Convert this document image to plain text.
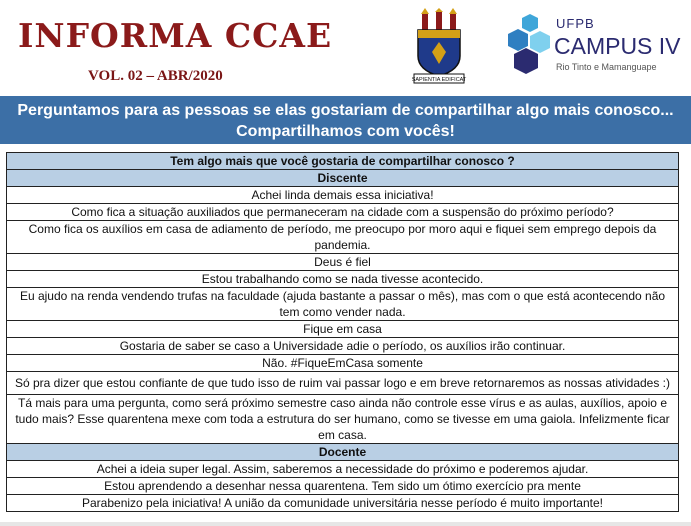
INFORMA CCAE
VOL. 02 – ABR/2020	SAPIENTIA EDIFICAT
UFPB
CAMPUS IV
Rio Tinto e Mamanguape
Perguntamos para as pessoas se elas gostariam de compartilhar algo mais conosco...
Compartilhamos com vocês!
Tem algo mais que você gostaria de compartilhar conosco ?
Discente
Achei linda demais essa iniciativa!
Como fica a situação auxiliados que permaneceram na cidade com a suspensão do próximo período?
Como fica os auxílios em casa de adiamento de período, me preocupo por moro aqui e fiquei sem emprego depois da pandemia.
Deus é fiel
Estou trabalhando como se nada tivesse acontecido.
Eu ajudo na renda vendendo trufas na faculdade (ajuda bastante a passar o mês), mas com o que está acontecendo não tem como vender nada.
Fique em casa
Gostaria de saber se caso a Universidade adie o período, os auxílios irão continuar.
Não. #FiqueEmCasa somente
Só pra dizer que estou confiante de que tudo isso de ruim vai passar logo e em breve retornaremos as nossas atividades :)
Tá mais para uma pergunta, como será próximo semestre caso ainda não controle esse vírus e as aulas, auxílios, apoio e tudo mais? Esse quarentena mexe com toda a estrutura do ser humano, como se tivesse em uma gaiola. Infelizmente ficar em casa.
Docente
Achei a ideia super legal. Assim, saberemos a necessidade do próximo e poderemos ajudar.
Estou aprendendo a desenhar nessa quarentena. Tem sido um ótimo exercício pra mente
Parabenizo pela iniciativa! A união da comunidade universitária nesse período é muito importante!
